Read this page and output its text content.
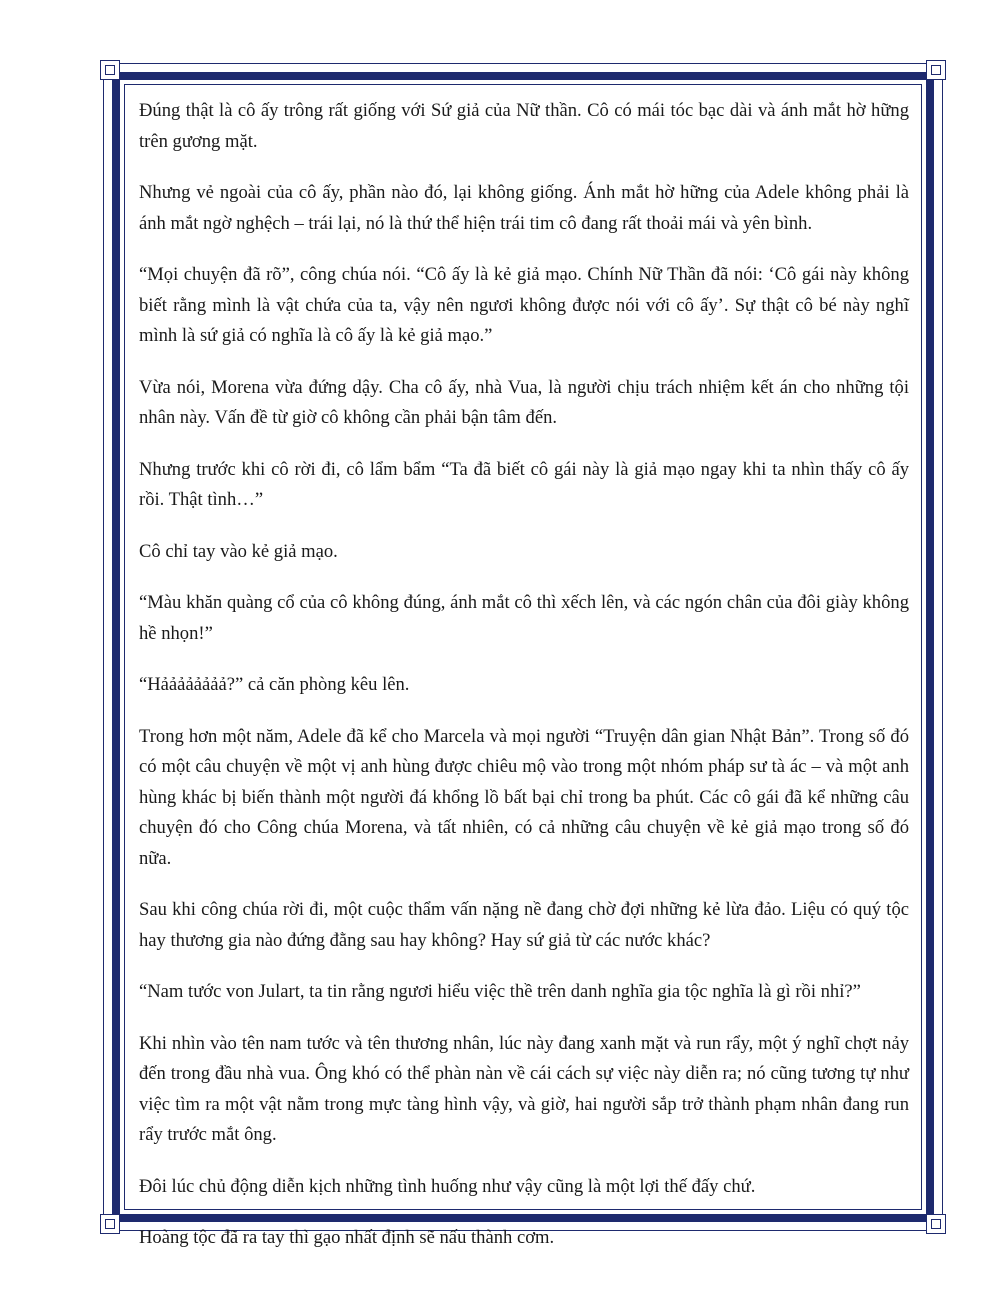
Đúng thật là cô ấy trông rất giống với Sứ giả của Nữ thần. Cô có mái tóc bạc dài và ánh mắt hờ hững trên gương mặt.

Nhưng vẻ ngoài của cô ấy, phần nào đó, lại không giống. Ánh mắt hờ hững của Adele không phải là ánh mắt ngờ nghệch – trái lại, nó là thứ thể hiện trái tim cô đang rất thoải mái và yên bình.

“Mọi chuyện đã rõ”, công chúa nói. “Cô ấy là kẻ giả mạo. Chính Nữ Thần đã nói: ‘Cô gái này không biết rằng mình là vật chứa của ta, vậy nên ngươi không được nói với cô ấy’. Sự thật cô bé này nghĩ mình là sứ giả có nghĩa là cô ấy là kẻ giả mạo.”

Vừa nói, Morena vừa đứng dậy. Cha cô ấy, nhà Vua, là người chịu trách nhiệm kết án cho những tội nhân này. Vấn đề từ giờ cô không cần phải bận tâm đến.

Nhưng trước khi cô rời đi, cô lẩm bẩm “Ta đã biết cô gái này là giả mạo ngay khi ta nhìn thấy cô ấy rồi. Thật tình…”

Cô chỉ tay vào kẻ giả mạo.

“Màu khăn quàng cổ của cô không đúng, ánh mắt cô thì xếch lên, và các ngón chân của đôi giày không hề nhọn!”

“Hảảảảảảảả?” cả căn phòng kêu lên.

Trong hơn một năm, Adele đã kể cho Marcela và mọi người “Truyện dân gian Nhật Bản”. Trong số đó có một câu chuyện về một vị anh hùng được chiêu mộ vào trong một nhóm pháp sư tà ác – và một anh hùng khác bị biến thành một người đá khổng lồ bất bại chỉ trong ba phút. Các cô gái đã kể những câu chuyện đó cho Công chúa Morena, và tất nhiên, có cả những câu chuyện về kẻ giả mạo trong số đó nữa.

Sau khi công chúa rời đi, một cuộc thẩm vấn nặng nề đang chờ đợi những kẻ lừa đảo. Liệu có quý tộc hay thương gia nào đứng đằng sau hay không? Hay sứ giả từ các nước khác?

“Nam tước von Julart, ta tin rằng ngươi hiểu việc thề trên danh nghĩa gia tộc nghĩa là gì rồi nhỉ?”

Khi nhìn vào tên nam tước và tên thương nhân, lúc này đang xanh mặt và run rẩy, một ý nghĩ chợt nảy đến trong đầu nhà vua. Ông khó có thể phàn nàn về cái cách sự việc này diễn ra; nó cũng tương tự như việc tìm ra một vật nằm trong mực tàng hình vậy, và giờ, hai người sắp trở thành phạm nhân đang run rẩy trước mắt ông.

Đôi lúc chủ động diễn kịch những tình huống như vậy cũng là một lợi thế đấy chứ.

Hoàng tộc đã ra tay thì gạo nhất định sẽ nấu thành cơm.
